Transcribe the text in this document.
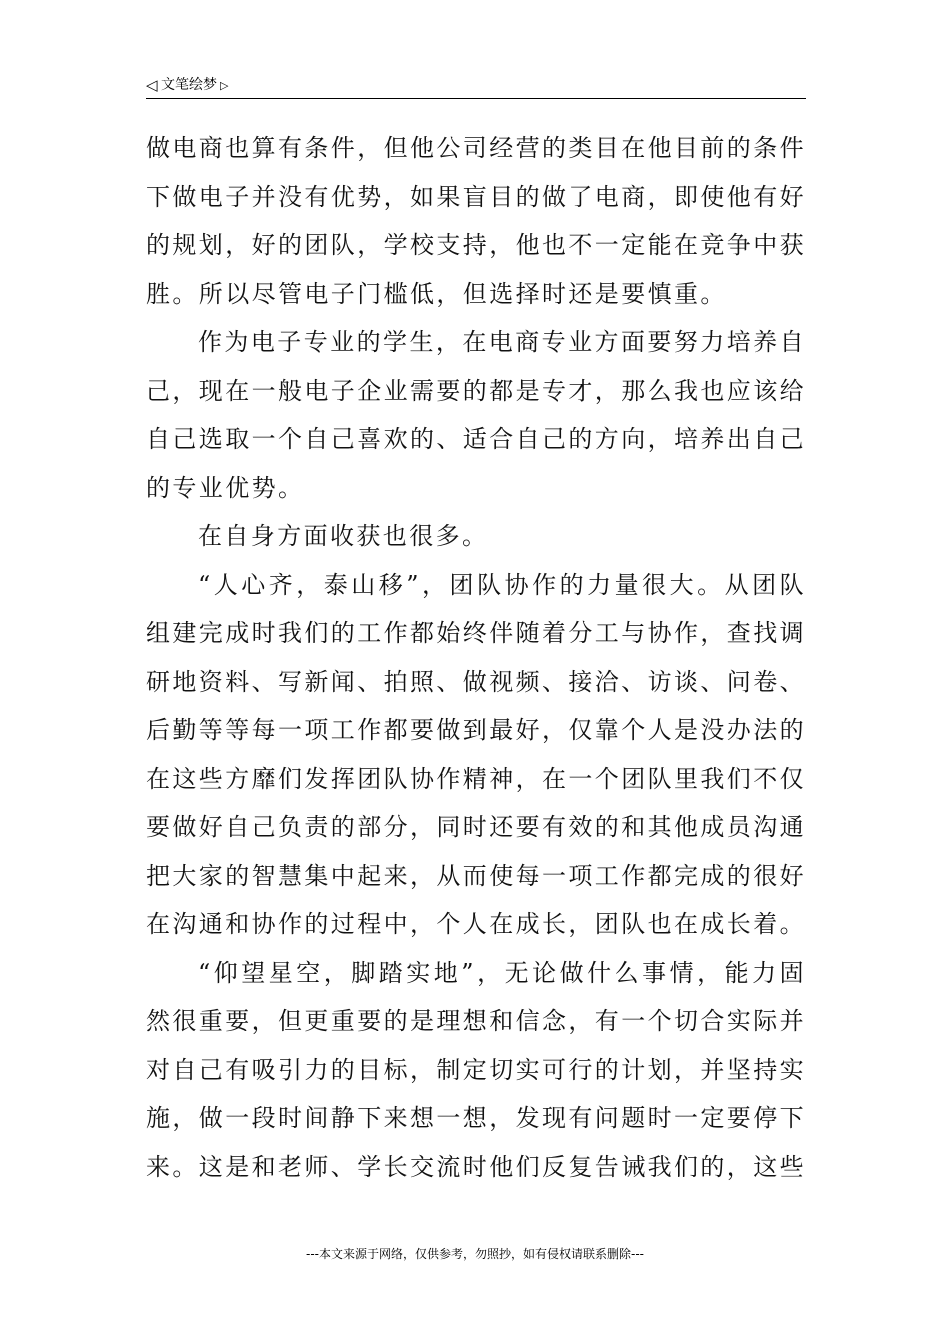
◁ 文笔绘梦 ▷

做电商也算有条件，但他公司经营的类目在他目前的条件下做电子并没有优势，如果盲目的做了电商，即使他有好的规划，好的团队，学校支持，他也不一定能在竞争中获胜。所以尽管电子门槛低，但选择时还是要慎重。

作为电子专业的学生，在电商专业方面要努力培养自己，现在一般电子企业需要的都是专才，那么我也应该给自己选取一个自己喜欢的、适合自己的方向，培养出自己的专业优势。

在自身方面收获也很多。

“人心齐，泰山移”，团队协作的力量很大。从团队组建完成时我们的工作都始终伴随着分工与协作，查找调研地资料、写新闻、拍照、做视频、接洽、访谈、问卷、后勤等等每一项工作都要做到最好，仅靠个人是没办法的在这些方靡们发挥团队协作精神，在一个团队里我们不仅要做好自己负责的部分，同时还要有效的和其他成员沟通把大家的智慧集中起来，从而使每一项工作都完成的很好在沟通和协作的过程中，个人在成长，团队也在成长着。

“仰望星空，脚踏实地”，无论做什么事情，能力固然很重要，但更重要的是理想和信念，有一个切合实际并对自己有吸引力的目标，制定切实可行的计划，并坚持实施，做一段时间静下来想一想，发现有问题时一定要停下来。这是和老师、学长交流时他们反复告诫我们的，这些

---本文来源于网络，仅供参考，勿照抄，如有侵权请联系删除---
